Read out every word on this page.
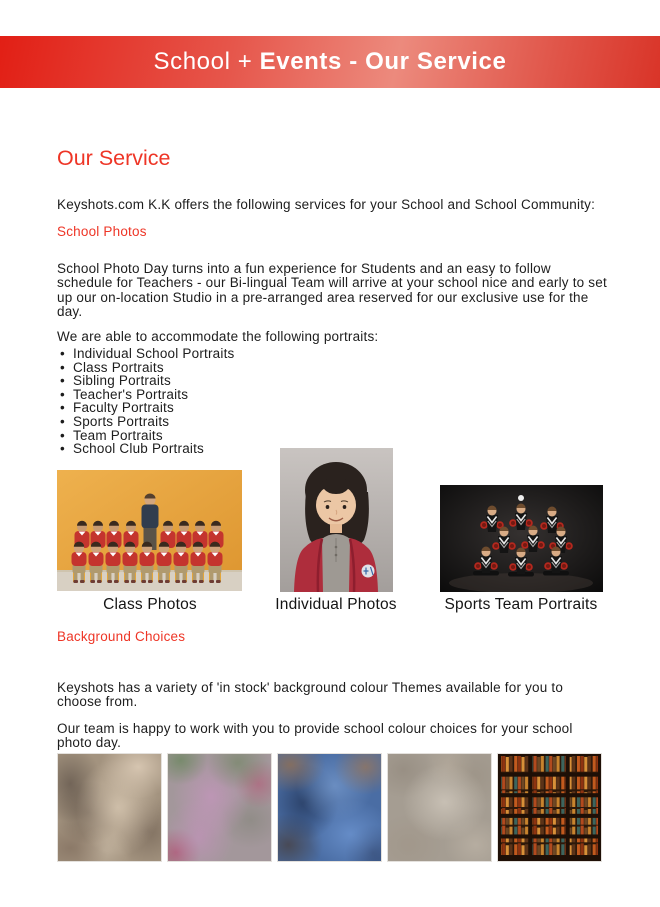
School + Events - Our Service
Our Service

Keyshots.com K.K offers the following services for your School and School Community:

School Photos

School Photo Day turns into a fun experience for Students and an easy to follow schedule for Teachers - our Bi-lingual Team will arrive at your school nice and early to set up our on-location Studio in a pre-arranged area reserved for our exclusive use for the day.

We are able to accommodate the following portraits:

• Individual School Portraits
• Class Portraits
• Sibling Portraits
• Teacher's Portraits
• Faculty Portraits
• Sports Portraits
• Team Portraits
• School Club Portraits
Class Photos	Individual Photos	Sports Team Portraits
Background Choices

Keyshots has a variety of 'in stock' background colour Themes available for you to choose from.

Our team is happy to work with you to provide school colour choices for your school photo day.
